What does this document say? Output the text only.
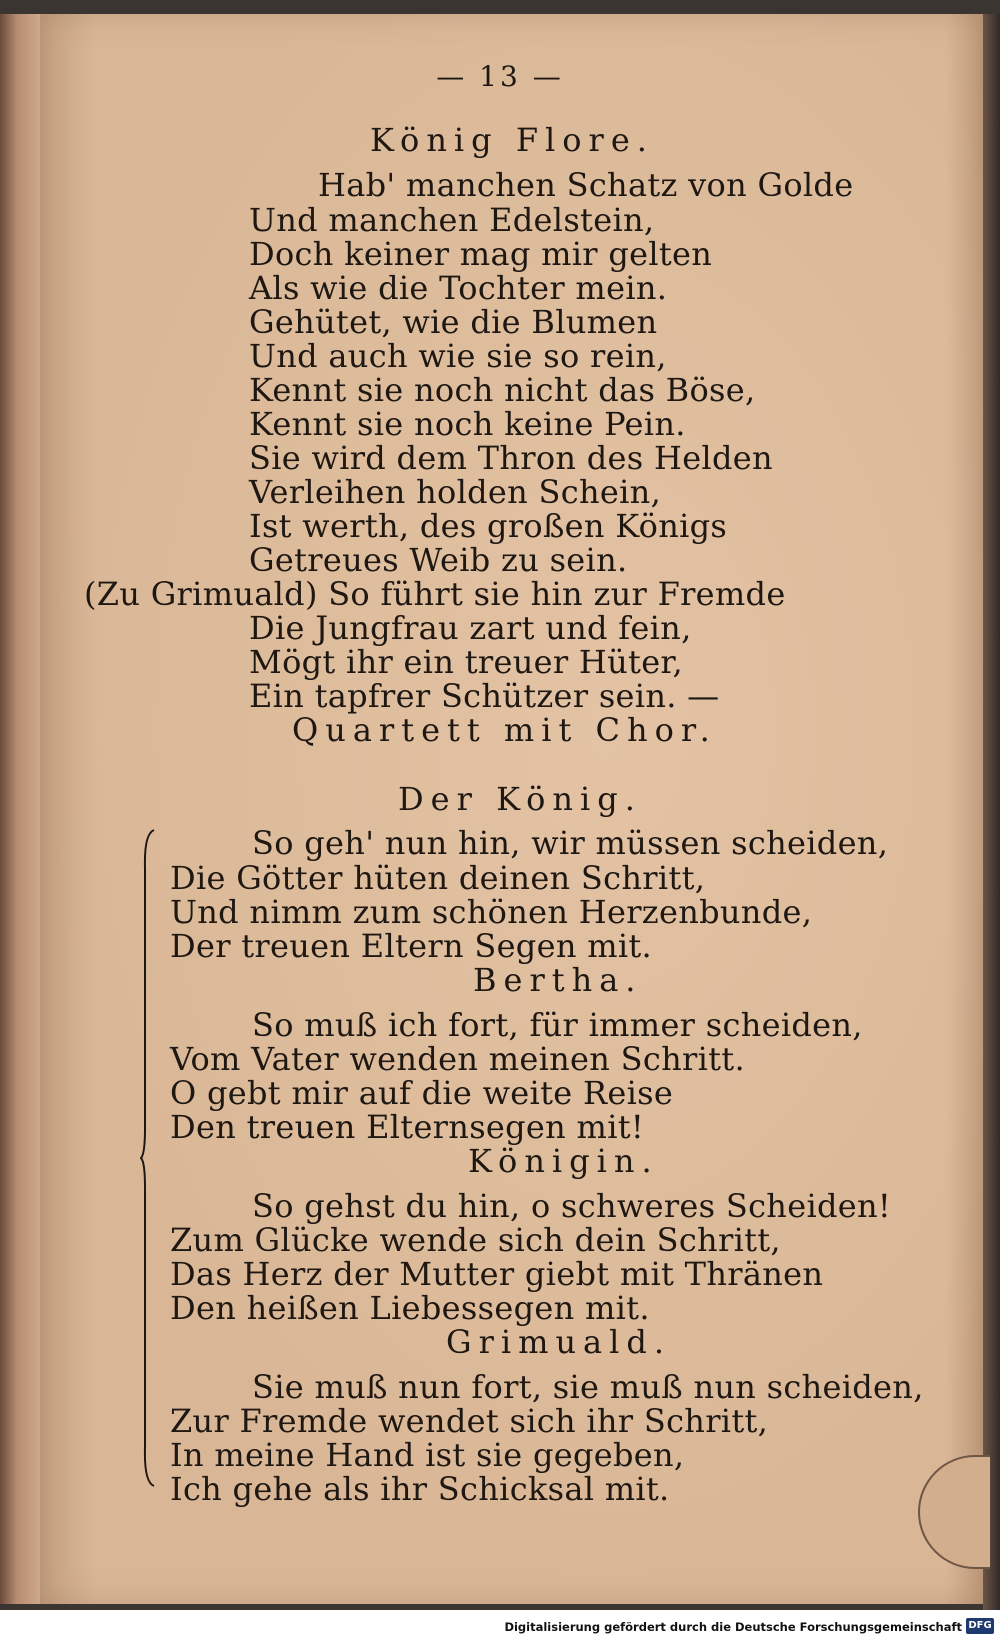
— 13 —
König Flore.
Hab' manchen Schatz von Golde
Und manchen Edelstein,
Doch keiner mag mir gelten
Als wie die Tochter mein.
Gehütet, wie die Blumen
Und auch wie sie so rein,
Kennt sie noch nicht das Böse,
Kennt sie noch keine Pein.
Sie wird dem Thron des Helden
Verleihen holden Schein,
Ist werth, des großen Königs
Getreues Weib zu sein.
(Zu Grimuald) So führt sie hin zur Fremde
Die Jungfrau zart und fein,
Mögt ihr ein treuer Hüter,
Ein tapfrer Schützer sein. —
Quartett mit Chor.
Der König.
So geh' nun hin, wir müssen scheiden,
Die Götter hüten deinen Schritt,
Und nimm zum schönen Herzenbunde,
Der treuen Eltern Segen mit.
Bertha.
So muß ich fort, für immer scheiden,
Vom Vater wenden meinen Schritt.
O gebt mir auf die weite Reise
Den treuen Elternsegen mit!
Königin.
So gehst du hin, o schweres Scheiden!
Zum Glücke wende sich dein Schritt,
Das Herz der Mutter giebt mit Thränen
Den heißen Liebessegen mit.
Grimuald.
Sie muß nun fort, sie muß nun scheiden,
Zur Fremde wendet sich ihr Schritt,
In meine Hand ist sie gegeben,
Ich gehe als ihr Schicksal mit.
Digitalisierung gefördert durch die Deutsche Forschungsgemeinschaft DFG
